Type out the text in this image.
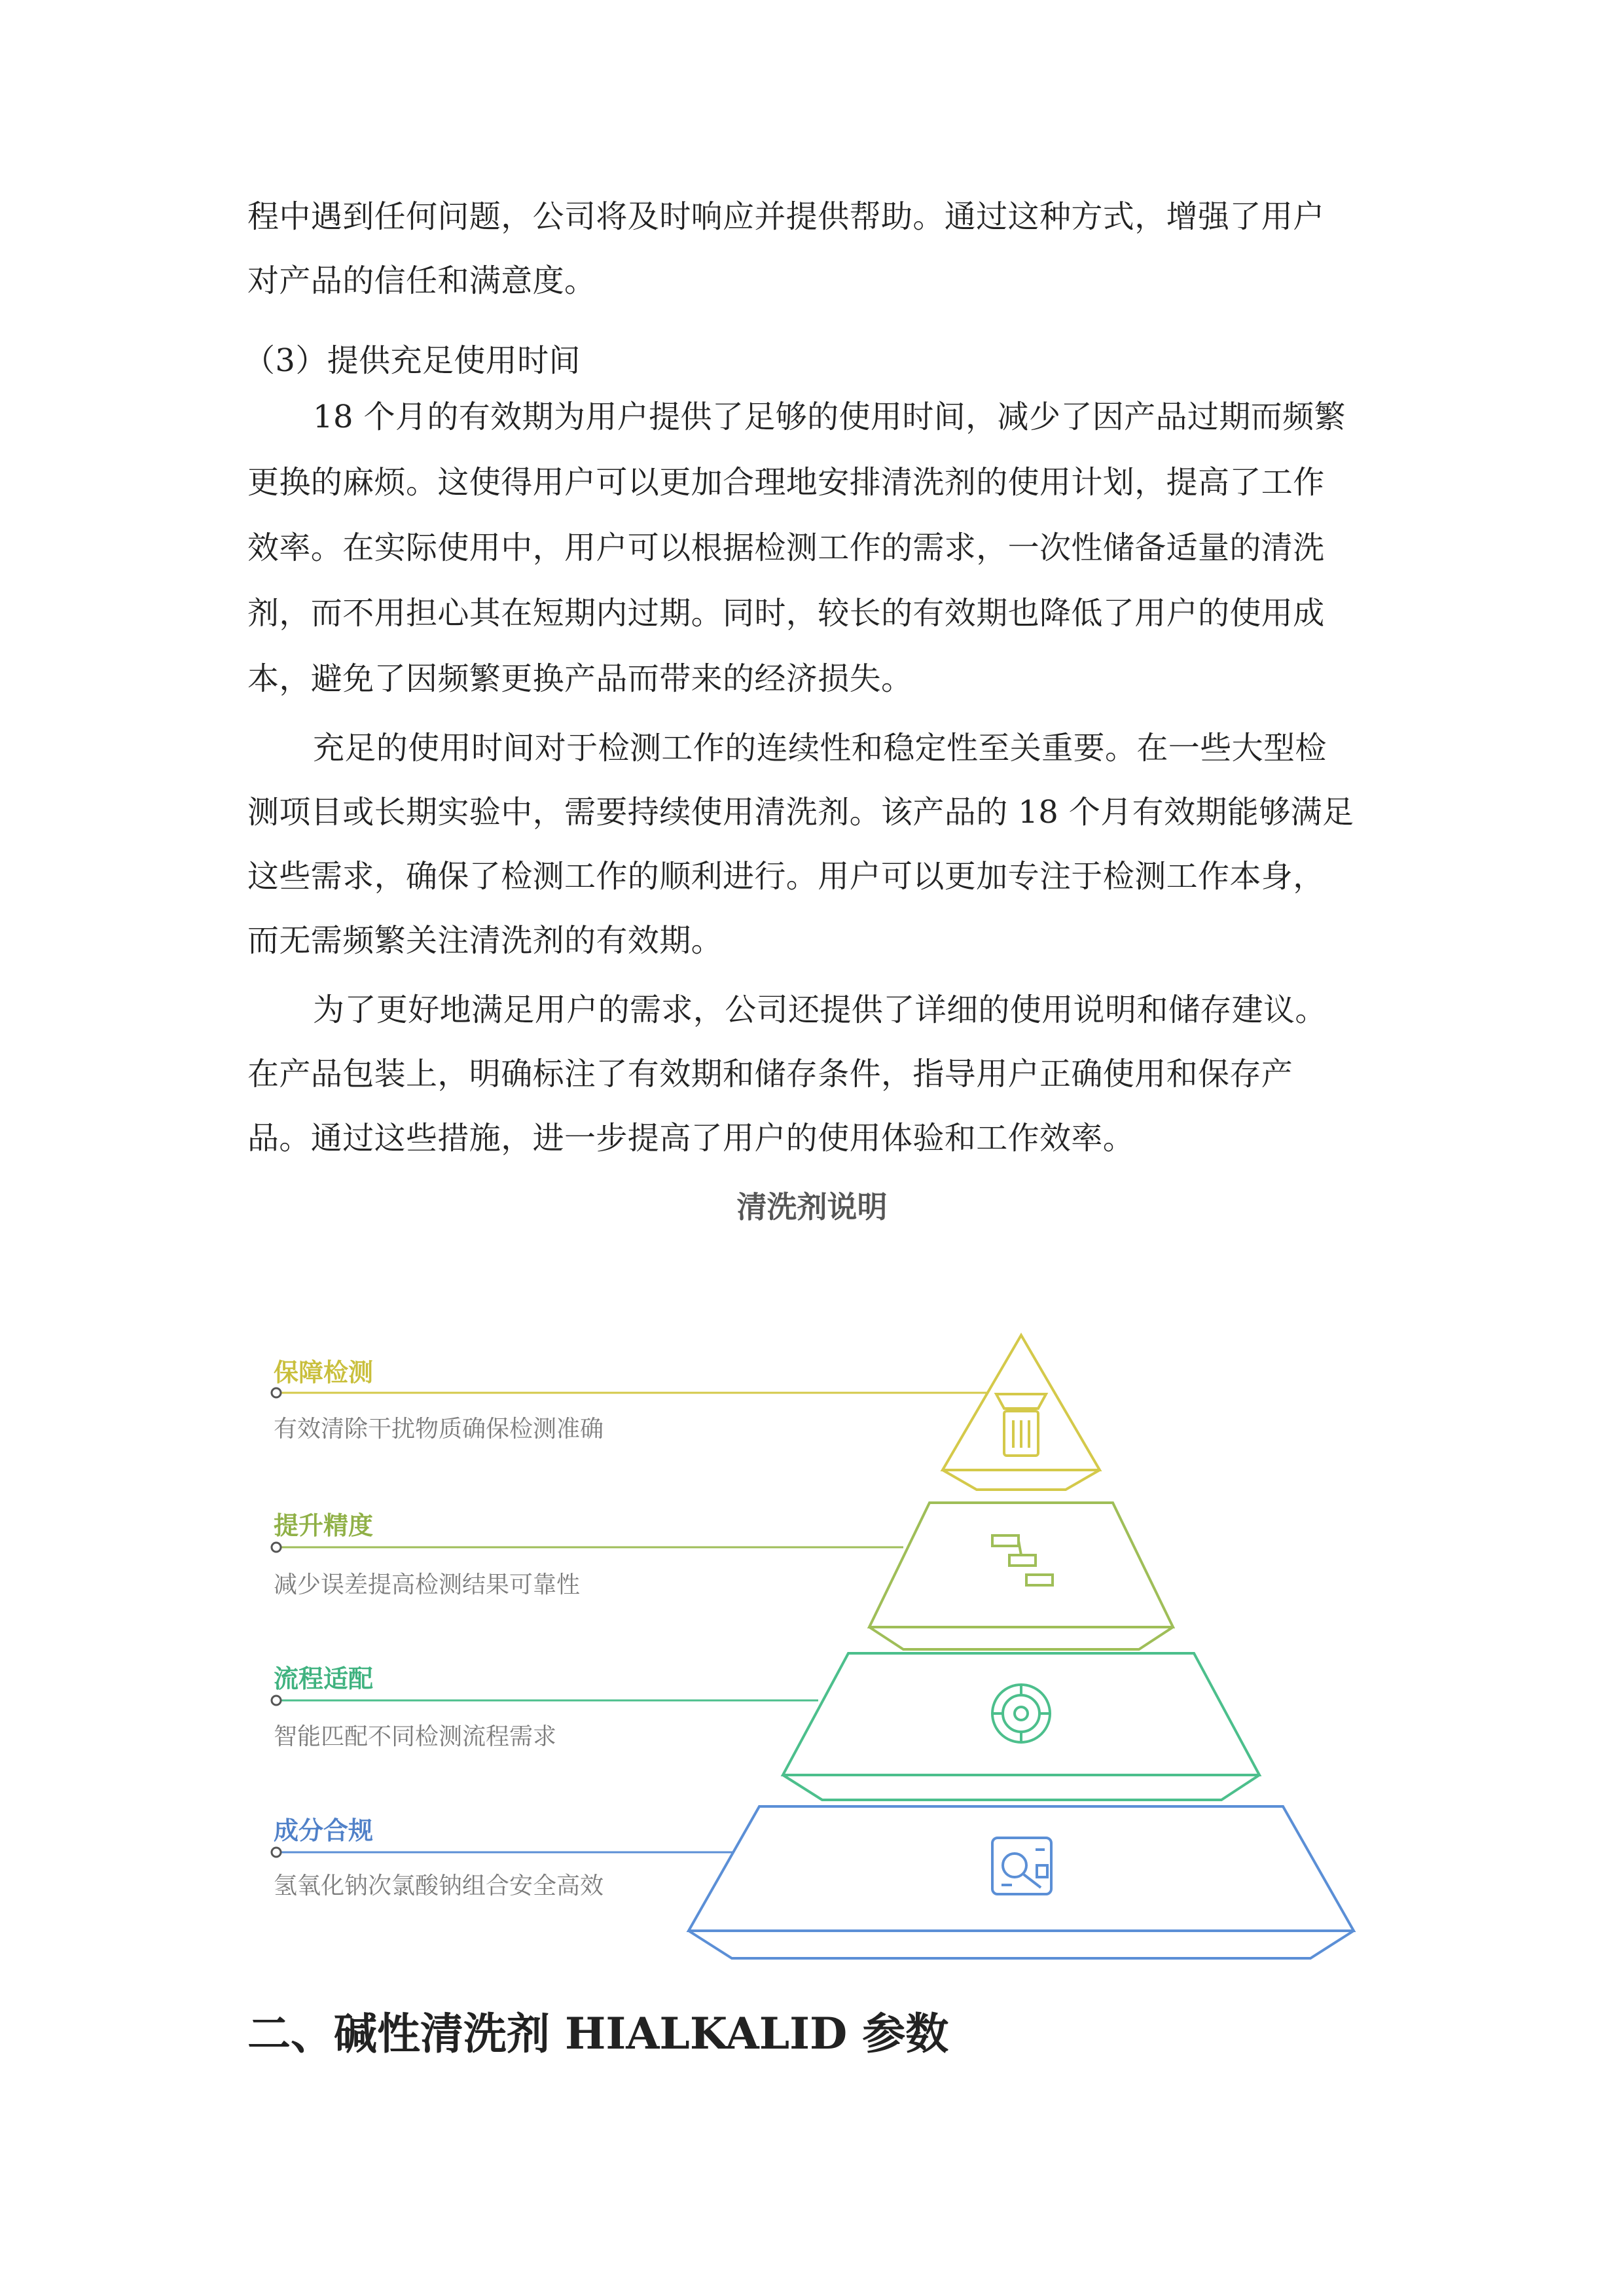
程中遇到任何问题，公司将及时响应并提供帮助。通过这种方式，增强了用户
对产品的信任和满意度。
（3）提供充足使用时间
18 个月的有效期为用户提供了足够的使用时间，减少了因产品过期而频繁
更换的麻烦。这使得用户可以更加合理地安排清洗剂的使用计划，提高了工作
效率。在实际使用中，用户可以根据检测工作的需求，一次性储备适量的清洗
剂，而不用担心其在短期内过期。同时，较长的有效期也降低了用户的使用成
本，避免了因频繁更换产品而带来的经济损失。
充足的使用时间对于检测工作的连续性和稳定性至关重要。在一些大型检
测项目或长期实验中，需要持续使用清洗剂。该产品的 18 个月有效期能够满足
这些需求，确保了检测工作的顺利进行。用户可以更加专注于检测工作本身，
而无需频繁关注清洗剂的有效期。
为了更好地满足用户的需求，公司还提供了详细的使用说明和储存建议。
在产品包装上，明确标注了有效期和储存条件，指导用户正确使用和保存产
品。通过这些措施，进一步提高了用户的使用体验和工作效率。
清洗剂说明
保障检测
有效清除干扰物质确保检测准确
提升精度
减少误差提高检测结果可靠性
流程适配
智能匹配不同检测流程需求
成分合规
氢氧化钠次氯酸钠组合安全高效
二、碱性清洗剂 HIALKALID 参数
